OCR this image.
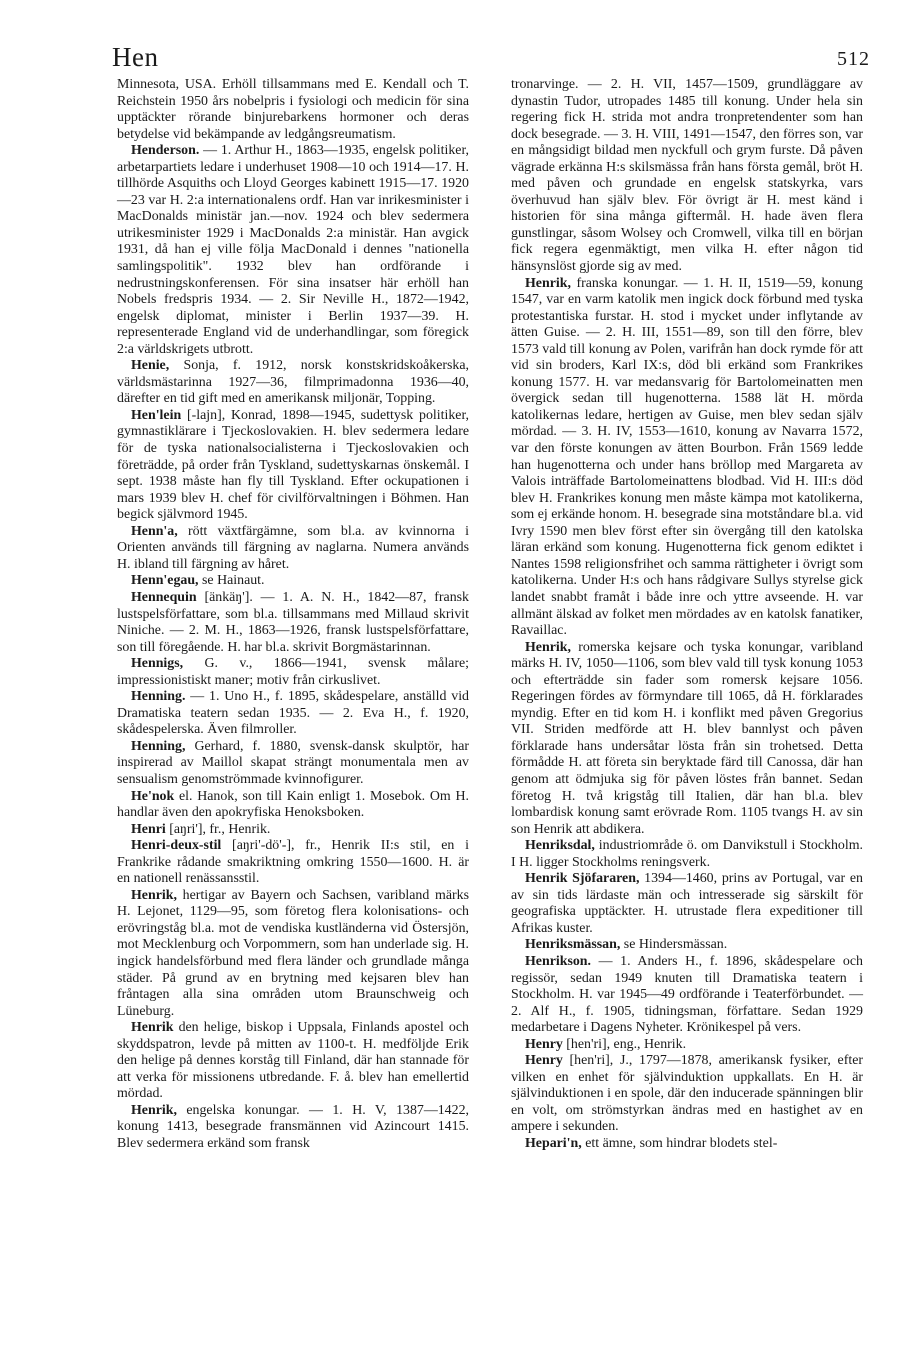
Hen	512

Minnesota, USA. Erhöll tillsammans med E. Kendall och T. Reichstein 1950 års nobelpris i fysiologi och medicin för sina upptäckter rörande binjurebarkens hormoner och deras betydelse vid bekämpande av ledgångsreumatism.

Henderson. — 1. Arthur H., 1863—1935, engelsk politiker, arbetarpartiets ledare i underhuset 1908—10 och 1914—17. H. tillhörde Asquiths och Lloyd Georges kabinett 1915—17. 1920—23 var H. 2:a internationalens ordf. Han var inrikesminister i MacDonalds ministär jan.—nov. 1924 och blev sedermera utrikesminister 1929 i MacDonalds 2:a ministär. Han avgick 1931, då han ej ville följa MacDonald i dennes "nationella samlingspolitik". 1932 blev han ordförande i nedrustningskonferensen. För sina insatser här erhöll han Nobels fredspris 1934. — 2. Sir Neville H., 1872—1942, engelsk diplomat, minister i Berlin 1937—39. H. representerade England vid de underhandlingar, som föregick 2:a världskrigets utbrott.

Henie, Sonja, f. 1912, norsk konstskridskoåkerska, världsmästarinna 1927—36, filmprimadonna 1936—40, därefter en tid gift med en amerikansk miljonär, Topping.

Hen'lein [-lajn], Konrad, 1898—1945, sudettysk politiker, gymnastiklärare i Tjeckoslovakien. H. blev sedermera ledare för de tyska nationalsocialisterna i Tjeckoslovakien och företrädde, på order från Tyskland, sudettyskarnas önskemål. I sept. 1938 måste han fly till Tyskland. Efter ockupationen i mars 1939 blev H. chef för civilförvaltningen i Böhmen. Han begick självmord 1945.

Henn'a, rött växtfärgämne, som bl.a. av kvinnorna i Orienten används till färgning av naglarna. Numera används H. ibland till färgning av håret.

Henn'egau, se Hainaut.

Hennequin [änkäŋ']. — 1. A. N. H., 1842—87, fransk lustspelsförfattare, som bl.a. tillsammans med Millaud skrivit Niniche. — 2. M. H., 1863—1926, fransk lustspelsförfattare, son till föregående. H. har bl.a. skrivit Borgmästarinnan.

Hennigs, G. v., 1866—1941, svensk målare; impressionistiskt maner; motiv från cirkuslivet.

Henning. — 1. Uno H., f. 1895, skådespelare, anställd vid Dramatiska teatern sedan 1935. — 2. Eva H., f. 1920, skådespelerska. Även filmroller.

Henning, Gerhard, f. 1880, svensk-dansk skulptör, har inspirerad av Maillol skapat strängt monumentala men av sensualism genomströmmade kvinnofigurer.

He'nok el. Hanok, son till Kain enligt 1. Mosebok. Om H. handlar även den apokryfiska Henoksboken.

Henri [aŋri'], fr., Henrik.

Henri-deux-stil [aŋri'-dö'-], fr., Henrik II:s stil, en i Frankrike rådande smakriktning omkring 1550—1600. H. är en nationell renässansstil.

Henrik, hertigar av Bayern och Sachsen, varibland märks H. Lejonet, 1129—95, som företog flera kolonisations- och erövringståg bl.a. mot de vendiska kustländerna vid Östersjön, mot Mecklenburg och Vorpommern, som han underlade sig. H. ingick handelsförbund med flera länder och grundlade många städer. På grund av en brytning med kejsaren blev han fråntagen alla sina områden utom Braunschweig och Lüneburg.

Henrik den helige, biskop i Uppsala, Finlands apostel och skyddspatron, levde på mitten av 1100-t. H. medföljde Erik den helige på dennes korståg till Finland, där han stannade för att verka för missionens utbredande. F. å. blev han emellertid mördad.

Henrik, engelska konungar. — 1. H. V, 1387—1422, konung 1413, besegrade fransmännen vid Azincourt 1415. Blev sedermera erkänd som fransk

tronarvinge. — 2. H. VII, 1457—1509, grundläggare av dynastin Tudor, utropades 1485 till konung. Under hela sin regering fick H. strida mot andra tronpretendenter som han dock besegrade. — 3. H. VIII, 1491—1547, den förres son, var en mångsidigt bildad men nyckfull och grym furste. Då påven vägrade erkänna H:s skilsmässa från hans första gemål, bröt H. med påven och grundade en engelsk statskyrka, vars överhuvud han själv blev. För övrigt är H. mest känd i historien för sina många giftermål. H. hade även flera gunstlingar, såsom Wolsey och Cromwell, vilka till en början fick regera egenmäktigt, men vilka H. efter någon tid hänsynslöst gjorde sig av med.

Henrik, franska konungar. — 1. H. II, 1519—59, konung 1547, var en varm katolik men ingick dock förbund med tyska protestantiska furstar. H. stod i mycket under inflytande av ätten Guise. — 2. H. III, 1551—89, son till den förre, blev 1573 vald till konung av Polen, varifrån han dock rymde för att vid sin broders, Karl IX:s, död bli erkänd som Frankrikes konung 1577. H. var medansvarig för Bartolomeinatten men övergick sedan till hugenotterna. 1588 lät H. mörda katolikernas ledare, hertigen av Guise, men blev sedan själv mördad. — 3. H. IV, 1553—1610, konung av Navarra 1572, var den förste konungen av ätten Bourbon. Från 1569 ledde han hugenotterna och under hans bröllop med Margareta av Valois inträffade Bartolomeinattens blodbad. Vid H. III:s död blev H. Frankrikes konung men måste kämpa mot katolikerna, som ej erkände honom. H. besegrade sina motståndare bl.a. vid Ivry 1590 men blev först efter sin övergång till den katolska läran erkänd som konung. Hugenotterna fick genom ediktet i Nantes 1598 religionsfrihet och samma rättigheter i övrigt som katolikerna. Under H:s och hans rådgivare Sullys styrelse gick landet snabbt framåt i både inre och yttre avseende. H. var allmänt älskad av folket men mördades av en katolsk fanatiker, Ravaillac.

Henrik, romerska kejsare och tyska konungar, varibland märks H. IV, 1050—1106, som blev vald till tysk konung 1053 och efterträdde sin fader som romersk kejsare 1056. Regeringen fördes av förmyndare till 1065, då H. förklarades myndig. Efter en tid kom H. i konflikt med påven Gregorius VII. Striden medförde att H. blev bannlyst och påven förklarade hans undersåtar lösta från sin trohetsed. Detta förmådde H. att företa sin beryktade färd till Canossa, där han genom att ödmjuka sig för påven löstes från bannet. Sedan företog H. två krigståg till Italien, där han bl.a. blev lombardisk konung samt erövrade Rom. 1105 tvangs H. av sin son Henrik att abdikera.

Henriksdal, industriområde ö. om Danvikstull i Stockholm. I H. ligger Stockholms reningsverk.

Henrik Sjöfararen, 1394—1460, prins av Portugal, var en av sin tids lärdaste män och intresserade sig särskilt för geografiska upptäckter. H. utrustade flera expeditioner till Afrikas kuster.

Henriksmässan, se Hindersmässan.

Henrikson. — 1. Anders H., f. 1896, skådespelare och regissör, sedan 1949 knuten till Dramatiska teatern i Stockholm. H. var 1945—49 ordförande i Teaterförbundet. — 2. Alf H., f. 1905, tidningsman, författare. Sedan 1929 medarbetare i Dagens Nyheter. Krönikespel på vers.

Henry [hen'ri], eng., Henrik.

Henry [hen'ri], J., 1797—1878, amerikansk fysiker, efter vilken en enhet för självinduktion uppkallats. En H. är självinduktionen i en spole, där den inducerade spänningen blir en volt, om strömstyrkan ändras med en hastighet av en ampere i sekunden.

Hepari'n, ett ämne, som hindrar blodets stel-
